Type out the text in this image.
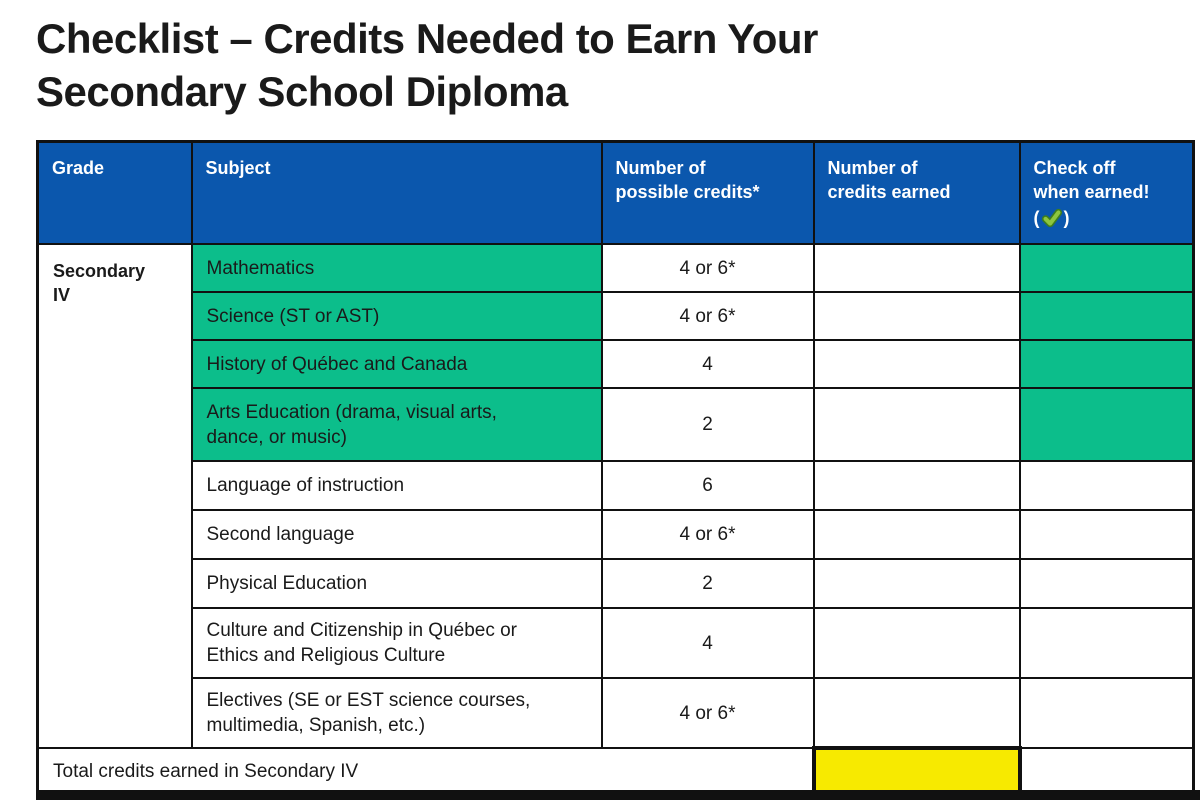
Checklist – Credits Needed to Earn Your Secondary School Diploma
Grade	Subject	Number of possible credits*	Number of credits earned	Check off when earned!
( )

Secondary IV	Mathematics	4 or 6*		
	Science (ST or AST)	4 or 6*		
	History of Québec and Canada	4		
	Arts Education (drama, visual arts, dance, or music)	2		
	Language of instruction	6		
	Second language	4 or 6*		
	Physical Education	2		
	Culture and Citizenship in Québec or Ethics and Religious Culture	4		
	Electives (SE or EST science courses, multimedia, Spanish, etc.)	4 or 6*		
Total credits earned in Secondary IV				
